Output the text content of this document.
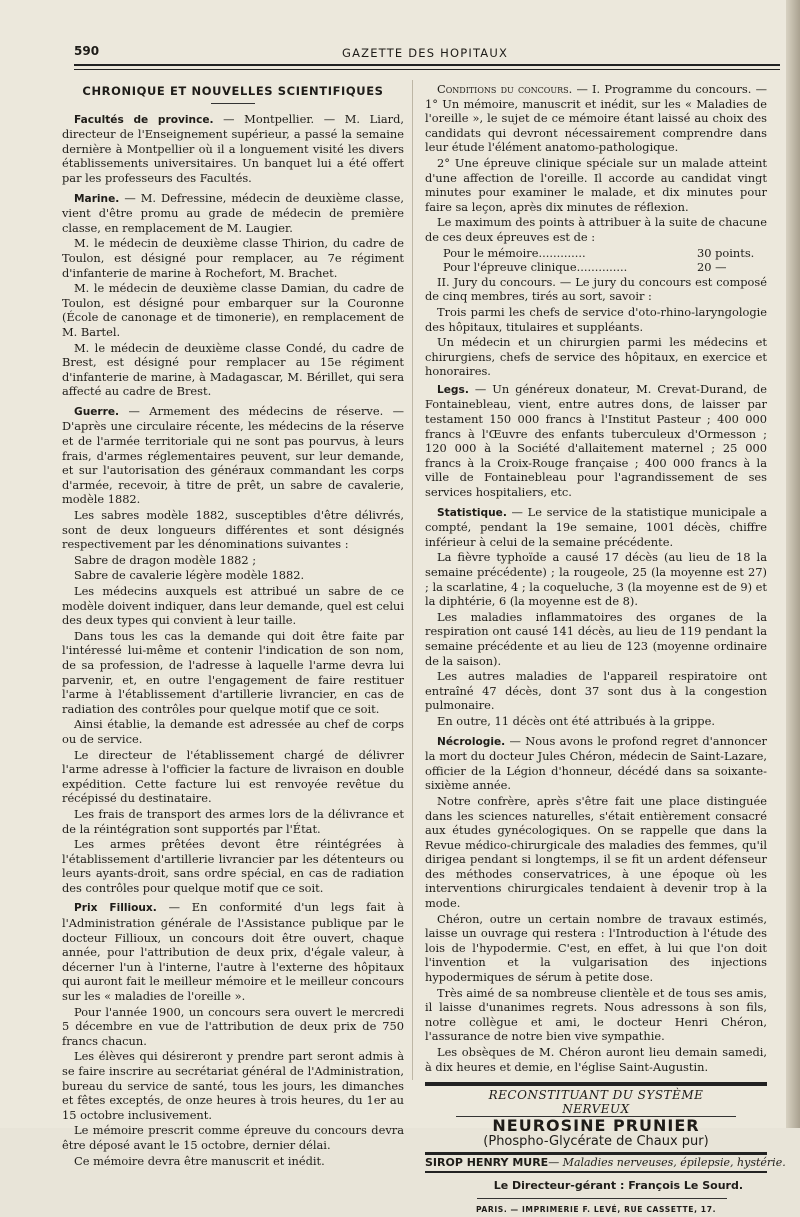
590	GAZETTE DES HOPITAUX
CHRONIQUE ET NOUVELLES SCIENTIFIQUES

Facultés de province. — Montpellier. — M. Liard, directeur de l'Enseignement supérieur, a passé la semaine dernière à Montpellier où il a longuement visité les divers établissements universitaires. Un banquet lui a été offert par les professeurs des Facultés.

Marine. — M. Defressine, médecin de deuxième classe, vient d'être promu au grade de médecin de première classe, en remplacement de M. Laugier.

M. le médecin de deuxième classe Thirion, du cadre de Toulon, est désigné pour remplacer, au 7e régiment d'infanterie de marine à Rochefort, M. Brachet.

M. le médecin de deuxième classe Damian, du cadre de Toulon, est désigné pour embarquer sur la Couronne (École de canonage et de timonerie), en remplacement de M. Bartel.

M. le médecin de deuxième classe Condé, du cadre de Brest, est désigné pour remplacer au 15e régiment d'infanterie de marine, à Madagascar, M. Bérillet, qui sera affecté au cadre de Brest.

Guerre. — Armement des médecins de réserve. — D'après une circulaire récente, les médecins de la réserve et de l'armée territoriale qui ne sont pas pourvus, à leurs frais, d'armes réglementaires peuvent, sur leur demande, et sur l'autorisation des généraux commandant les corps d'armée, recevoir, à titre de prêt, un sabre de cavalerie, modèle 1882.

Les sabres modèle 1882, susceptibles d'être délivrés, sont de deux longueurs différentes et sont désignés respectivement par les dénominations suivantes :

Sabre de dragon modèle 1882 ;

Sabre de cavalerie légère modèle 1882.

Les médecins auxquels est attribué un sabre de ce modèle doivent indiquer, dans leur demande, quel est celui des deux types qui convient à leur taille.

Dans tous les cas la demande qui doit être faite par l'intéressé lui-même et contenir l'indication de son nom, de sa profession, de l'adresse à laquelle l'arme devra lui parvenir, et, en outre l'engagement de faire restituer l'arme à l'établissement d'artillerie livrancier, en cas de radiation des contrôles pour quelque motif que ce soit.

Ainsi établie, la demande est adressée au chef de corps ou de service.

Le directeur de l'établissement chargé de délivrer l'arme adresse à l'officier la facture de livraison en double expédition. Cette facture lui est renvoyée revêtue du récépissé du destinataire.

Les frais de transport des armes lors de la délivrance et de la réintégration sont supportés par l'État.

Les armes prêtées devont être réintégrées à l'établissement d'artillerie livrancier par les détenteurs ou leurs ayants-droit, sans ordre spécial, en cas de radiation des contrôles pour quelque motif que ce soit.

Prix Fillioux. — En conformité d'un legs fait à l'Administration générale de l'Assistance publique par le docteur Fillioux, un concours doit être ouvert, chaque année, pour l'attribution de deux prix, d'égale valeur, à décerner l'un à l'interne, l'autre à l'externe des hôpitaux qui auront fait le meilleur mémoire et le meilleur concours sur les « maladies de l'oreille ».

Pour l'année 1900, un concours sera ouvert le mercredi 5 décembre en vue de l'attribution de deux prix de 750 francs chacun.

Les élèves qui désireront y prendre part seront admis à se faire inscrire au secrétariat général de l'Administration, bureau du service de santé, tous les jours, les dimanches et fêtes exceptés, de onze heures à trois heures, du 1er au 15 octobre inclusivement.

Le mémoire prescrit comme épreuve du concours devra être déposé avant le 15 octobre, dernier délai.

Ce mémoire devra être manuscrit et inédit.

Conditions du concours. — I. Programme du concours. — 1° Un mémoire, manuscrit et inédit, sur les « Maladies de l'oreille », le sujet de ce mémoire étant laissé au choix des candidats qui devront nécessairement comprendre dans leur étude l'élément anatomo-pathologique.

2° Une épreuve clinique spéciale sur un malade atteint d'une affection de l'oreille. Il accorde au candidat vingt minutes pour examiner le malade, et dix minutes pour faire sa leçon, après dix minutes de réflexion.

Le maximum des points à attribuer à la suite de chacune de ces deux épreuves est de :

Pour le mémoire.............	30 points.
Pour l'épreuve clinique..............	20 —

II. Jury du concours. — Le jury du concours est composé de cinq membres, tirés au sort, savoir :

Trois parmi les chefs de service d'oto-rhino-laryngologie des hôpitaux, titulaires et suppléants.

Un médecin et un chirurgien parmi les médecins et chirurgiens, chefs de service des hôpitaux, en exercice et honoraires.

Legs. — Un généreux donateur, M. Crevat-Durand, de Fontainebleau, vient, entre autres dons, de laisser par testament 150 000 francs à l'Institut Pasteur ; 400 000 francs à l'Œuvre des enfants tuberculeux d'Ormesson ; 120 000 à la Société d'allaitement maternel ; 25 000 francs à la Croix-Rouge française ; 400 000 francs à la ville de Fontainebleau pour l'agrandissement de ses services hospitaliers, etc.

Statistique. — Le service de la statistique municipale a compté, pendant la 19e semaine, 1001 décès, chiffre inférieur à celui de la semaine précédente.

La fièvre typhoïde a causé 17 décès (au lieu de 18 la semaine précédente) ; la rougeole, 25 (la moyenne est 27) ; la scarlatine, 4 ; la coqueluche, 3 (la moyenne est de 9) et la diphtérie, 6 (la moyenne est de 8).

Les maladies inflammatoires des organes de la respiration ont causé 141 décès, au lieu de 119 pendant la semaine précédente et au lieu de 123 (moyenne ordinaire de la saison).

Les autres maladies de l'appareil respiratoire ont entraîné 47 décès, dont 37 sont dus à la congestion pulmonaire.

En outre, 11 décès ont été attribués à la grippe.

Nécrologie. — Nous avons le profond regret d'annoncer la mort du docteur Jules Chéron, médecin de Saint-Lazare, officier de la Légion d'honneur, décédé dans sa soixante-sixième année.

Notre confrère, après s'être fait une place distinguée dans les sciences naturelles, s'était entièrement consacré aux études gynécologiques. On se rappelle que dans la Revue médico-chirurgicale des maladies des femmes, qu'il dirigea pendant si longtemps, il se fit un ardent défenseur des méthodes conservatrices, à une époque où les interventions chirurgicales tendaient à devenir trop à la mode.

Chéron, outre un certain nombre de travaux estimés, laisse un ouvrage qui restera : l'Introduction à l'étude des lois de l'hypodermie. C'est, en effet, à lui que l'on doit l'invention et la vulgarisation des injections hypodermiques de sérum à petite dose.

Très aimé de sa nombreuse clientèle et de tous ses amis, il laisse d'unanimes regrets. Nous adressons à son fils, notre collègue et ami, le docteur Henri Chéron, l'assurance de notre bien vive sympathie.

Les obsèques de M. Chéron auront lieu demain samedi, à dix heures et demie, en l'église Saint-Augustin.

RECONSTITUANT DU SYSTÈME NERVEUX
NEUROSINE PRUNIER
(Phospho-Glycérate de Chaux pur)
SIROP HENRY MURE— Maladies nerveuses, épilepsie, hystérie.
Le Directeur-gérant : François Le Sourd.
PARIS. — IMPRIMERIE F. LEVÉ, RUE CASSETTE, 17.
